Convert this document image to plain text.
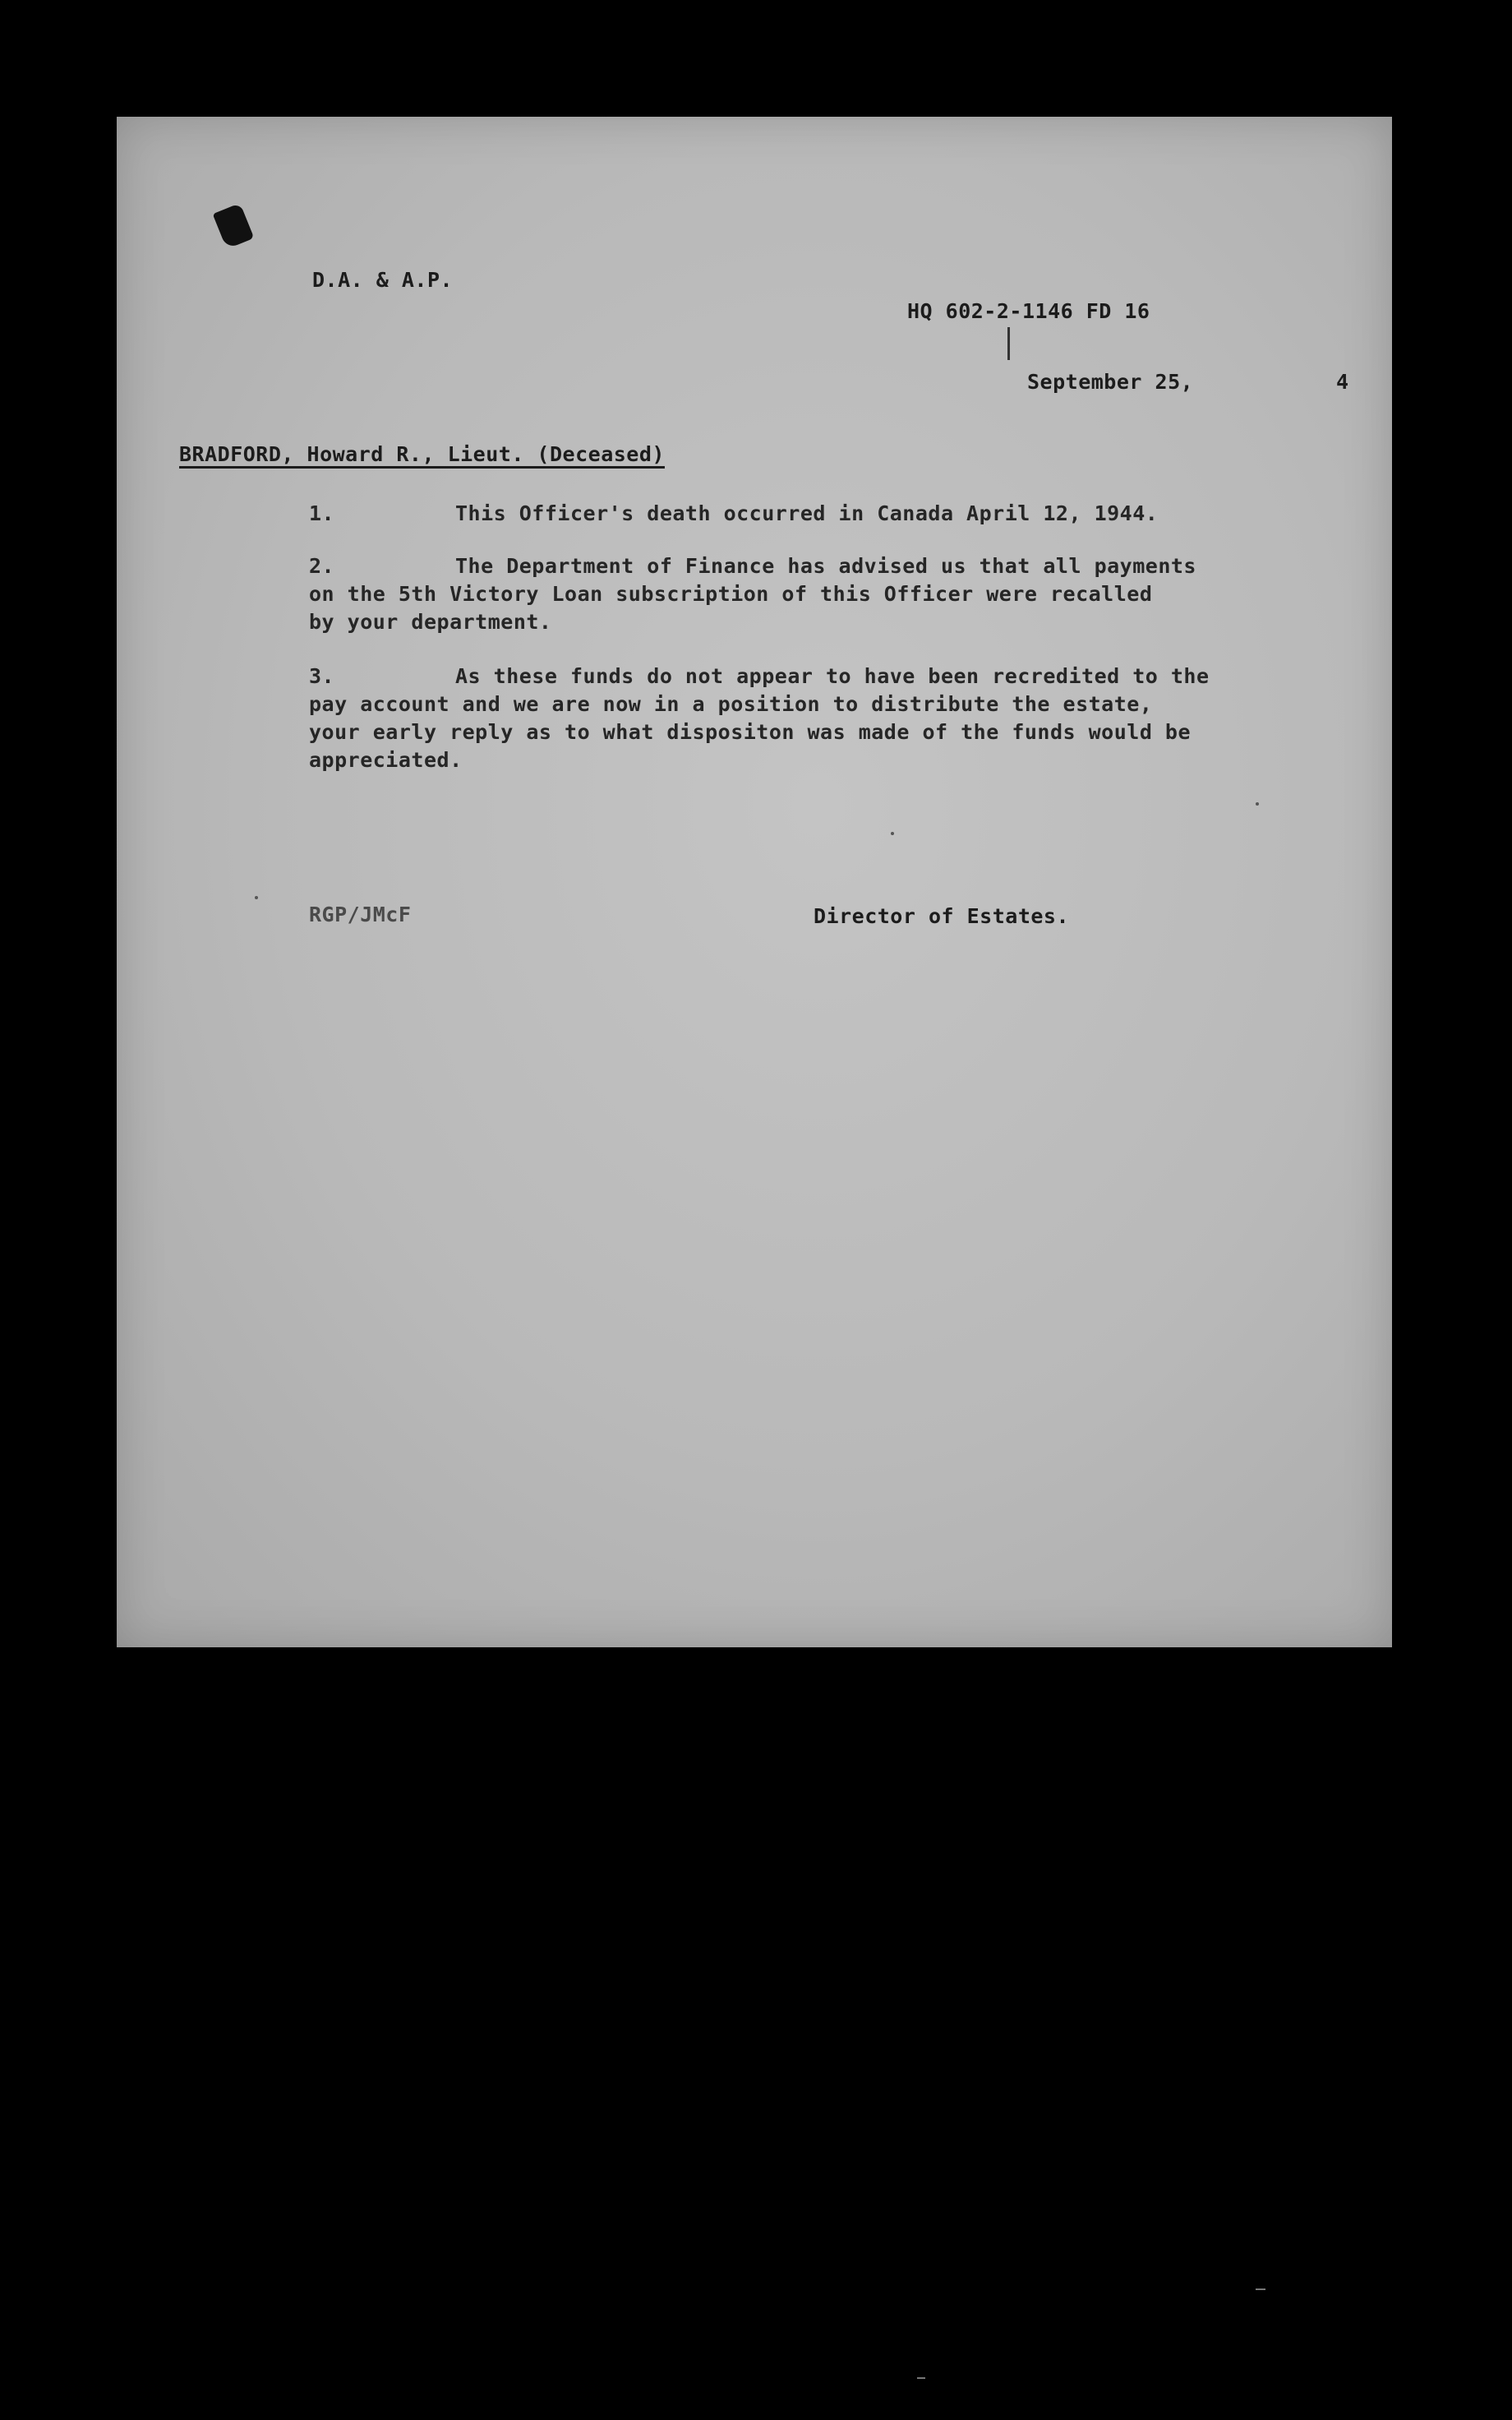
D.A. & A.P.
HQ 602-2-1146 FD 16
September 25,	4
BRADFORD, Howard R., Lieut. (Deceased)
1.	This Officer's death occurred in Canada April 12, 1944.
2.	The Department of Finance has advised us that all payments
on the 5th Victory Loan subscription of this Officer were recalled
by your department.
3.	As these funds do not appear to have been recredited to the
pay account and we are now in a position to distribute the estate,
your early reply as to what dispositon was made of the funds would be
appreciated.
RGP/JMcF	Director of Estates.
